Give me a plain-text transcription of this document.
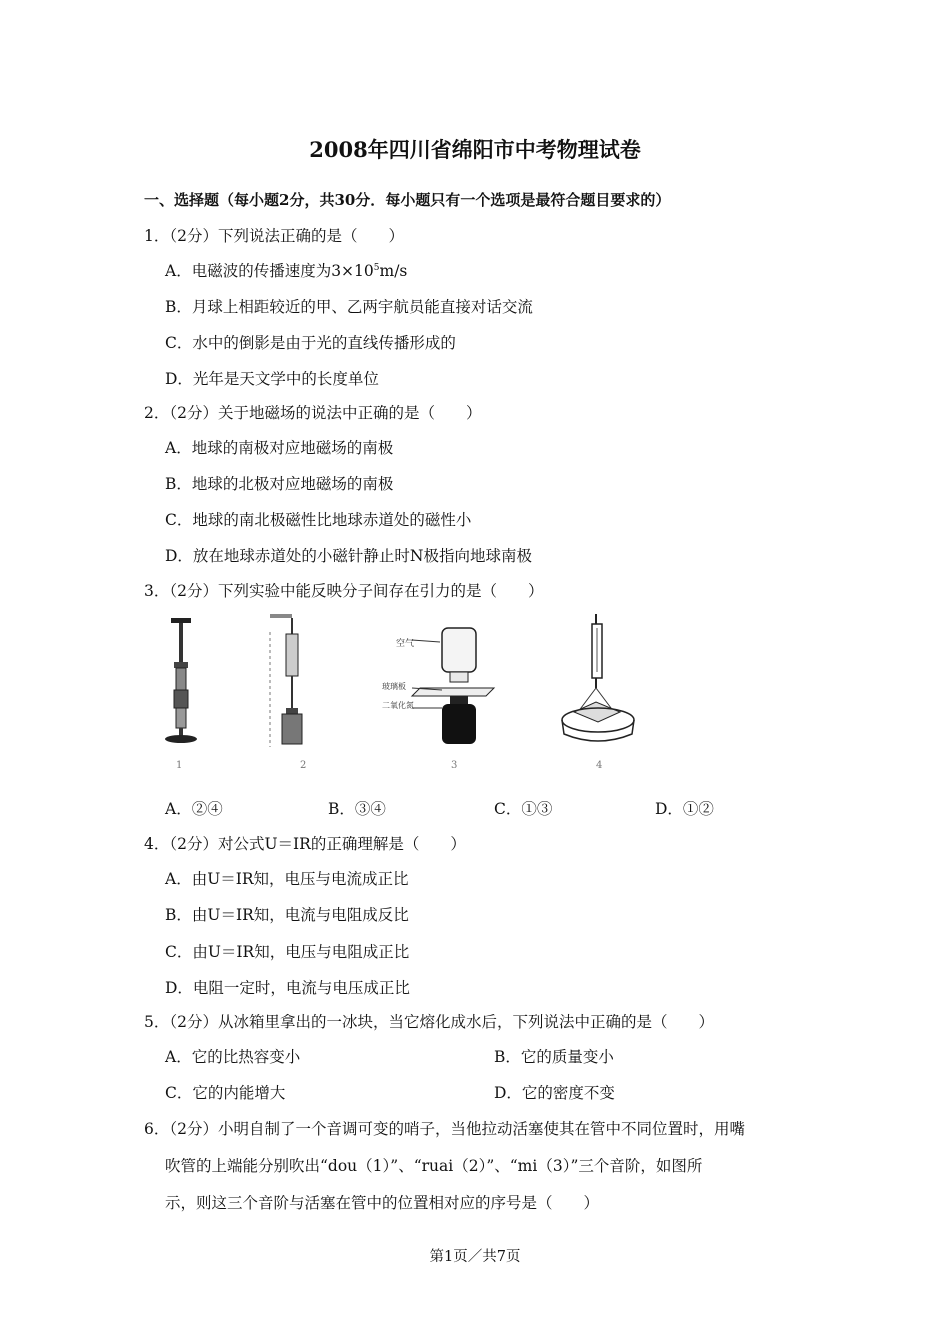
2008年四川省绵阳市中考物理试卷
一、选择题（每小题2分，共30分．每小题只有一个选项是最符合题目要求的）
1．（2分）下列说法正确的是（　　）
A．电磁波的传播速度为$3\times 10^5m/s$
B．月球上相距较近的甲、乙两宇航员能直接对话交流
C．水中的倒影是由于光的直线传播形成的
D．光年是天文学中的长度单位
2．（2分）关于地磁场的说法中正确的是（　　）
A．地球的南极对应地磁场的南极
B．地球的北极对应地磁场的南极
C．地球的南北极磁性比地球赤道处的磁性小
D．放在地球赤道处的小磁针静止时N极指向地球南极
3．（2分）下列实验中能反映分子间存在引力的是（　　）
1	2
空气
玻璃板
二氧化氮
3	4
A．②④	B．③④	C．①③	D．①②
4．（2分）对公式U＝IR的正确理解是（　　）
A．由U＝IR知，电压与电流成正比
B．由U＝IR知，电流与电阻成反比
C．由U＝IR知，电压与电阻成正比
D．电阻一定时，电流与电压成正比
5．（2分）从冰箱里拿出的一冰块，当它熔化成水后，下列说法中正确的是（　　）
A．它的比热容变小	B．它的质量变小
C．它的内能增大	D．它的密度不变
6．（2分）小明自制了一个音调可变的哨子，当他拉动活塞使其在管中不同位置时，用嘴
吹管的上端能分别吹出“dou（1）”、“ruai（2）”、“mi（3）”三个音阶，如图所
示，则这三个音阶与活塞在管中的位置相对应的序号是（　　）
第1页／共7页
